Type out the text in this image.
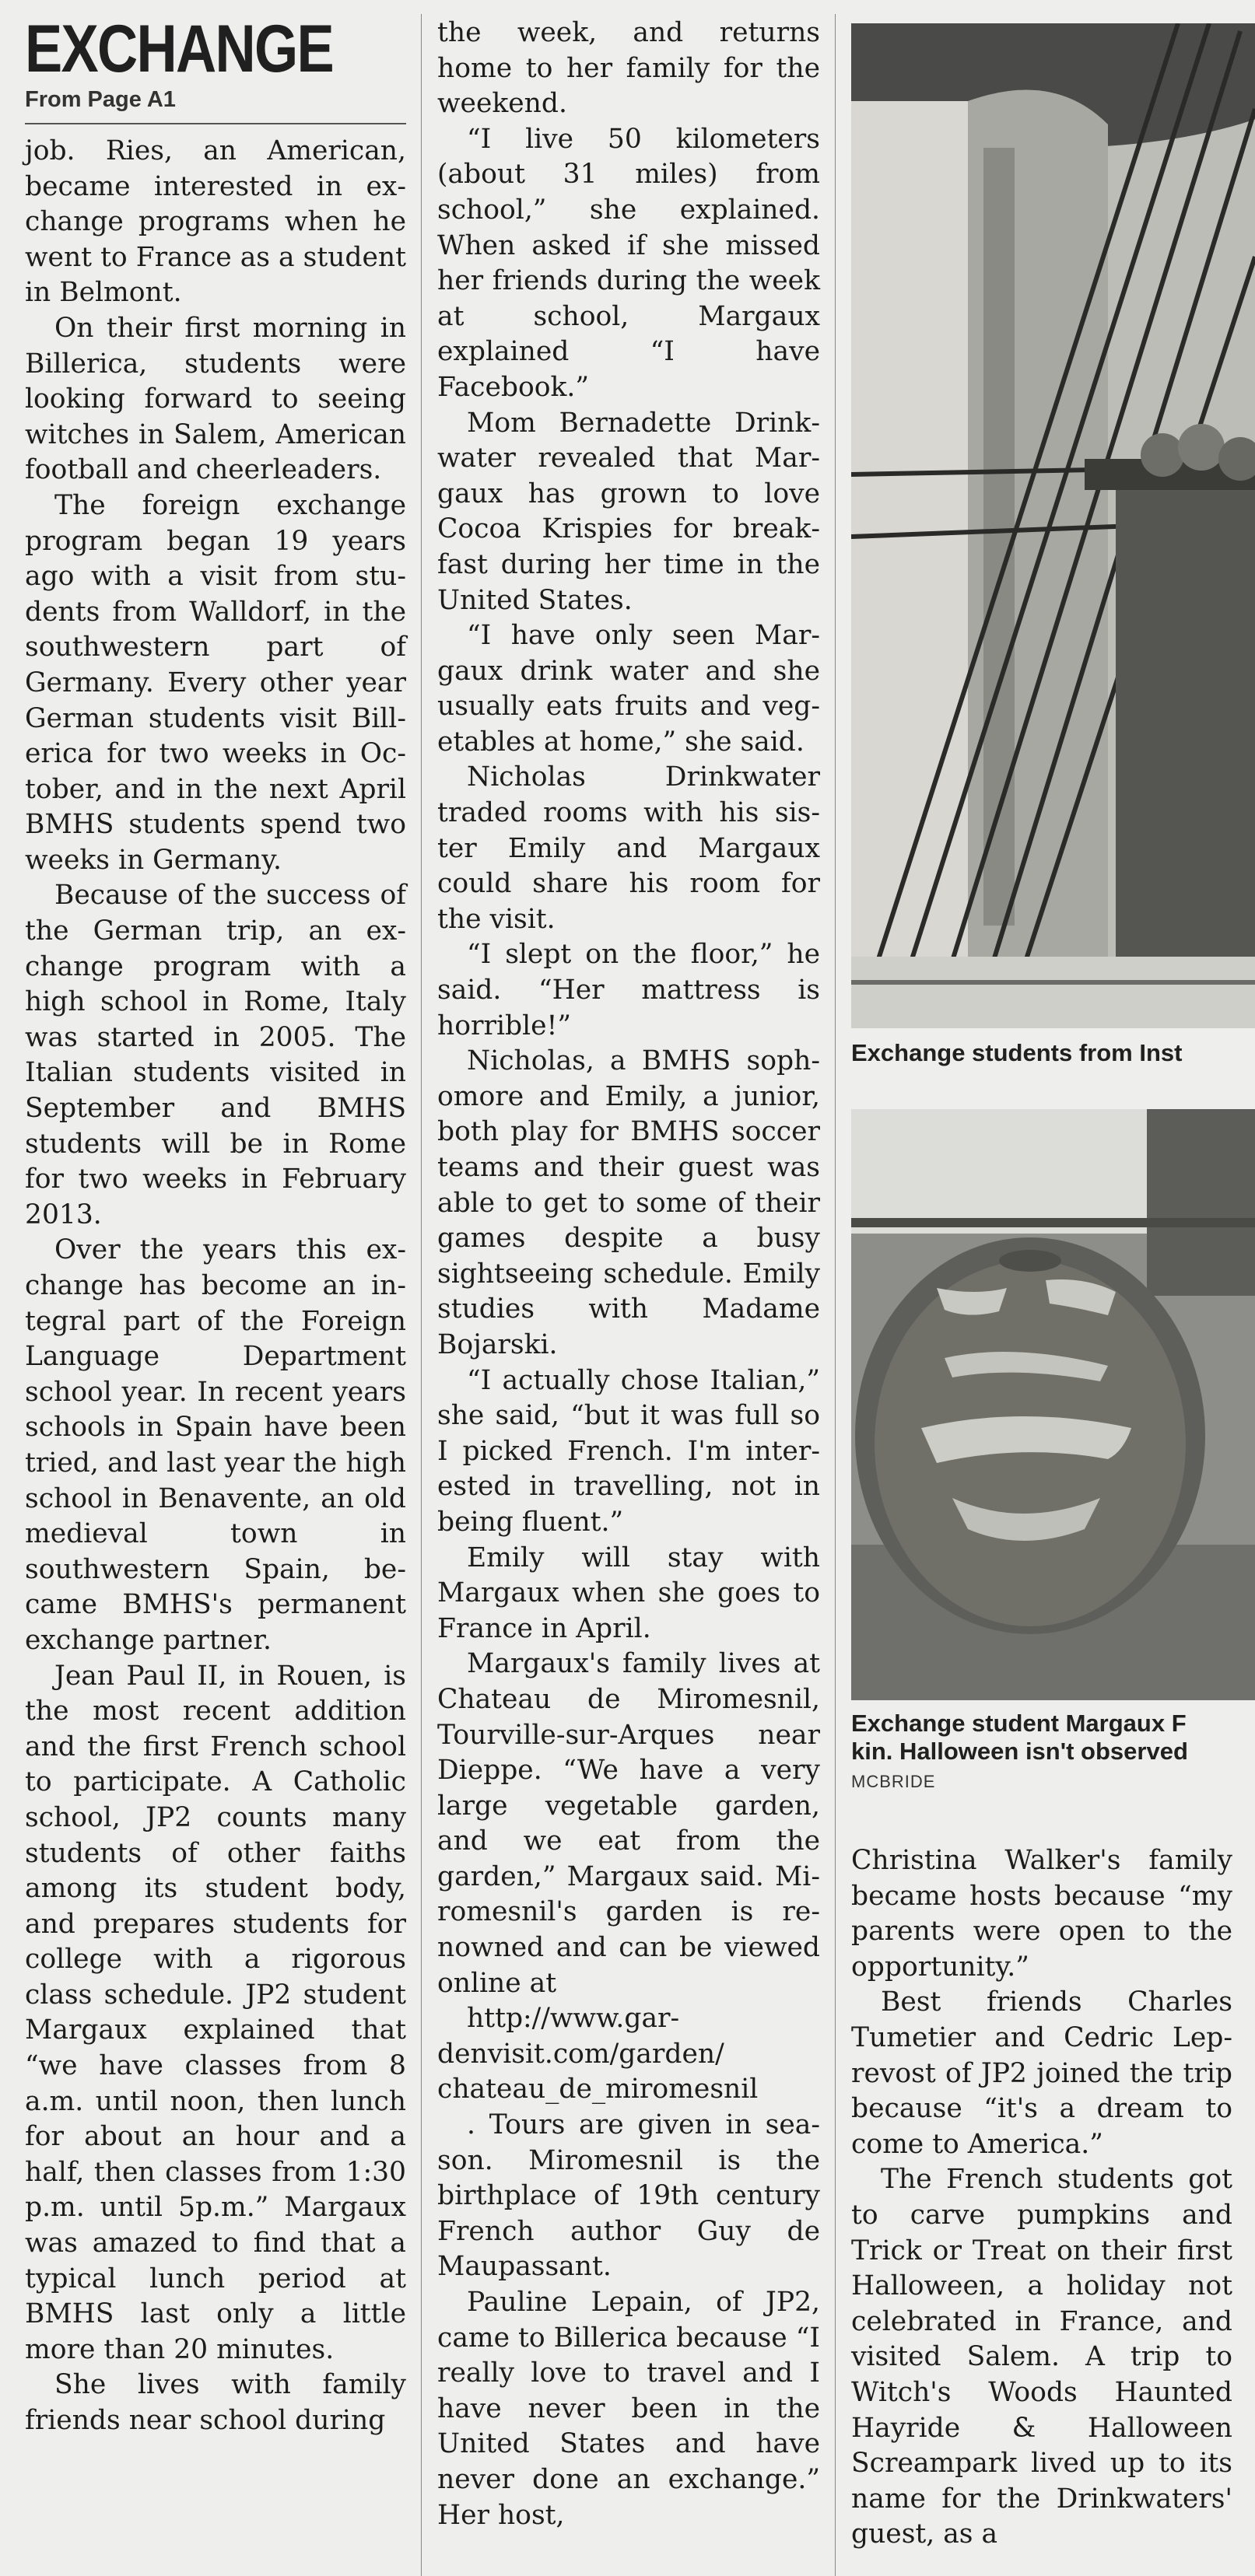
EXCHANGE
From Page A1

job. Ries, an American, became interested in exchange programs when he went to France as a student in Belmont.

On their first morning in Billerica, students were looking forward to seeing witches in Salem, American football and cheerleaders.

The foreign exchange program began 19 years ago with a visit from students from Walldorf, in the southwestern part of Germany. Every other year German students visit Billerica for two weeks in October, and in the next April BMHS students spend two weeks in Germany.

Because of the success of the German trip, an exchange program with a high school in Rome, Italy was started in 2005. The Italian students visited in September and BMHS students will be in Rome for two weeks in February 2013.

Over the years this exchange has become an integral part of the Foreign Language Department school year. In recent years schools in Spain have been tried, and last year the high school in Benavente, an old medieval town in southwestern Spain, became BMHS's permanent exchange partner.

Jean Paul II, in Rouen, is the most recent addition and the first French school to participate. A Catholic school, JP2 counts many students of other faiths among its student body, and prepares students for college with a rigorous class schedule. JP2 student Margaux explained that “we have classes from 8 a.m. until noon, then lunch for about an hour and a half, then classes from 1:30 p.m. until 5p.m.” Margaux was amazed to find that a typical lunch period at BMHS last only a little more than 20 minutes.

She lives with family friends near school during

the week, and returns home to her family for the weekend.

“I live 50 kilometers (about 31 miles) from school,” she explained. When asked if she missed her friends during the week at school, Margaux explained “I have Facebook.”

Mom Bernadette Drinkwater revealed that Margaux has grown to love Cocoa Krispies for breakfast during her time in the United States.

“I have only seen Margaux drink water and she usually eats fruits and vegetables at home,” she said.

Nicholas Drinkwater traded rooms with his sister Emily and Margaux could share his room for the visit.

“I slept on the floor,” he said. “Her mattress is horrible!”

Nicholas, a BMHS sophomore and Emily, a junior, both play for BMHS soccer teams and their guest was able to get to some of their games despite a busy sightseeing schedule. Emily studies with Madame Bojarski.

“I actually chose Italian,” she said, “but it was full so I picked French. I'm interested in travelling, not in being fluent.”

Emily will stay with Margaux when she goes to France in April.

Margaux's family lives at Chateau de Miromesnil, Tourville-sur-Arques near Dieppe. “We have a very large vegetable garden, and we eat from the garden,” Margaux said. Miromesnil's garden is renowned and can be viewed online at

http://www.gardenvisit.com/garden/ chateau_de_miromesnil

. Tours are given in season. Miromesnil is the birthplace of 19th century French author Guy de Maupassant.

Pauline Lepain, of JP2, came to Billerica because “I really love to travel and I have never been in the United States and have never done an exchange.” Her host,

Exchange students from Inst
Exchange student Margaux F
kin. Halloween isn't observed
MCBRIDE

Christina Walker's family became hosts because “my parents were open to the opportunity.”

Best friends Charles Tumetier and Cedric Leprevost of JP2 joined the trip because “it's a dream to come to America.”

The French students got to carve pumpkins and Trick or Treat on their first Halloween, a holiday not celebrated in France, and visited Salem. A trip to Witch's Woods Haunted Hayride & Halloween Screampark lived up to its name for the Drinkwaters' guest, as a
